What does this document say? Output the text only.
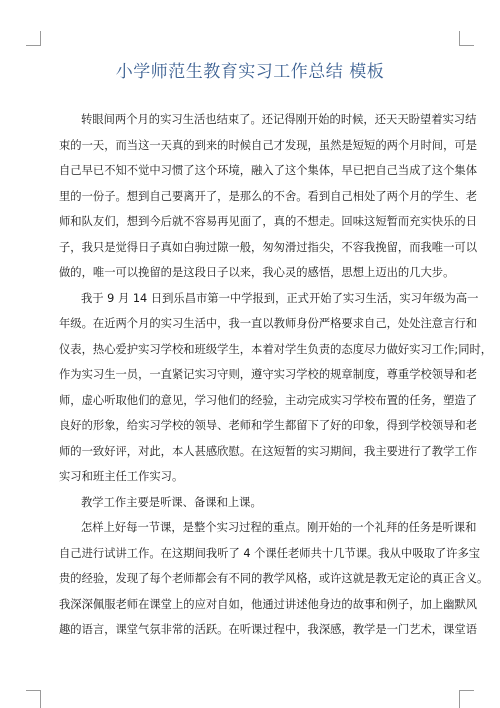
小学师范生教育实习工作总结 模板
转眼间两个月的实习生活也结束了。还记得刚开始的时候，还天天盼望着实习结
束的一天，而当这一天真的到来的时候自己才发现，虽然是短短的两个月时间，可是
自己早已不知不觉中习惯了这个环境，融入了这个集体，早已把自己当成了这个集体
里的一份子。想到自己要离开了，是那么的不舍。看到自己相处了两个月的学生、老
师和队友们，想到今后就不容易再见面了，真的不想走。回味这短暂而充实快乐的日
子，我只是觉得日子真如白驹过隙一般，匆匆滑过指尖，不容我挽留，而我唯一可以
做的，唯一可以挽留的是这段日子以来，我心灵的感悟，思想上迈出的几大步。
我于 9 月 14 日到乐昌市第一中学报到，正式开始了实习生活，实习年级为高一
年级。在近两个月的实习生活中，我一直以教师身份严格要求自己，处处注意言行和
仪表，热心爱护实习学校和班级学生，本着对学生负责的态度尽力做好实习工作;同时，
作为实习生一员，一直紧记实习守则，遵守实习学校的规章制度，尊重学校领导和老
师，虚心听取他们的意见，学习他们的经验，主动完成实习学校布置的任务，塑造了
良好的形象，给实习学校的领导、老师和学生都留下了好的印象，得到学校领导和老
师的一致好评，对此，本人甚感欣慰。在这短暂的实习期间，我主要进行了教学工作
实习和班主任工作实习。
教学工作主要是听课、备课和上课。
怎样上好每一节课，是整个实习过程的重点。刚开始的一个礼拜的任务是听课和
自己进行试讲工作。在这期间我听了 4 个课任老师共十几节课。我从中吸取了许多宝
贵的经验，发现了每个老师都会有不同的教学风格，或许这就是教无定论的真正含义。
我深深佩服老师在课堂上的应对自如，他通过讲述他身边的故事和例子，加上幽默风
趣的语言，课堂气氛非常的活跃。在听课过程中，我深感，教学是一门艺术，课堂语
